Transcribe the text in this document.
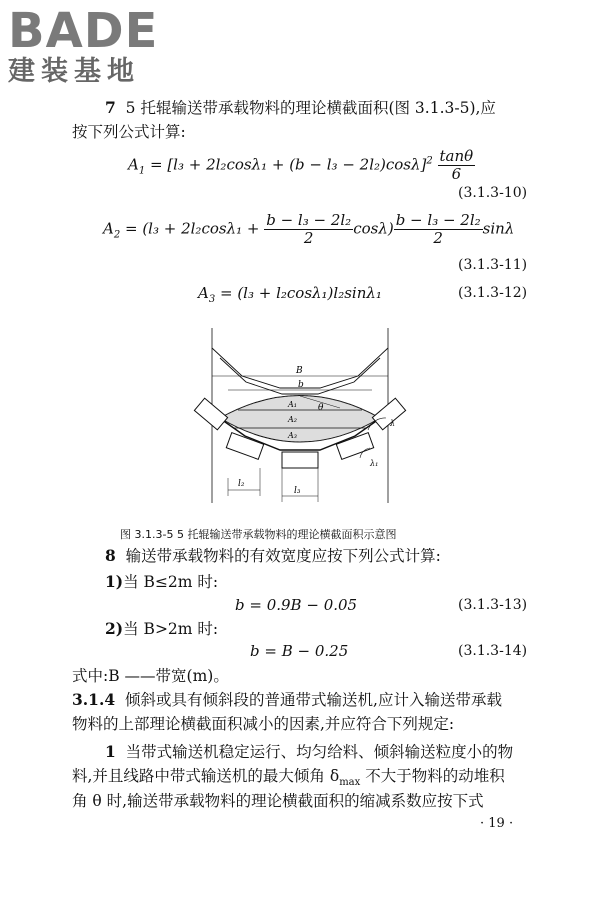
BADE
建装基地
7 5 托辊输送带承载物料的理论横截面积(图 3.1.3-5),应
按下列公式计算:
$A_1 = [l_3 + 2l_2\cos\lambda_1 + (b - l_3 - 2l_2)\cos\lambda]^2 \frac{\tan\theta}{6}$
(3.1.3-10)
$A_2 = (l_3 + 2l_2\cos\lambda_1 + \frac{\text{b − l₃ − 2l₂}}{2} \cos\lambda) \frac{\text{b − l₃ − 2l₂}}{2}$ sinλ
(3.1.3-11)
$A_3 = (l_3 + l_2\cos\lambda_1)l_2\sin\lambda_1$	(3.1.3-12)
B
b
A₁
A₂
A₃
θ
λ
λ₁
l₂
l₃
图 3.1.3-5 5 托辊输送带承载物料的理论横截面积示意图
8 输送带承载物料的有效宽度应按下列公式计算:
1)当 B≤2m 时:
b = 0.9B − 0.05	(3.1.3-13)
2)当 B>2m 时:
b = B − 0.25	(3.1.3-14)
式中:B ——带宽(m)。
3.1.4 倾斜或具有倾斜段的普通带式输送机,应计入输送带承载
物料的上部理论横截面积减小的因素,并应符合下列规定:
1 当带式输送机稳定运行、均匀给料、倾斜输送粒度小的物
料,并且线路中带式输送机的最大倾角 $\delta_{max}$ 不大于物料的动堆积
角 θ 时,输送带承载物料的理论横截面积的缩减系数应按下式
· 19 ·
